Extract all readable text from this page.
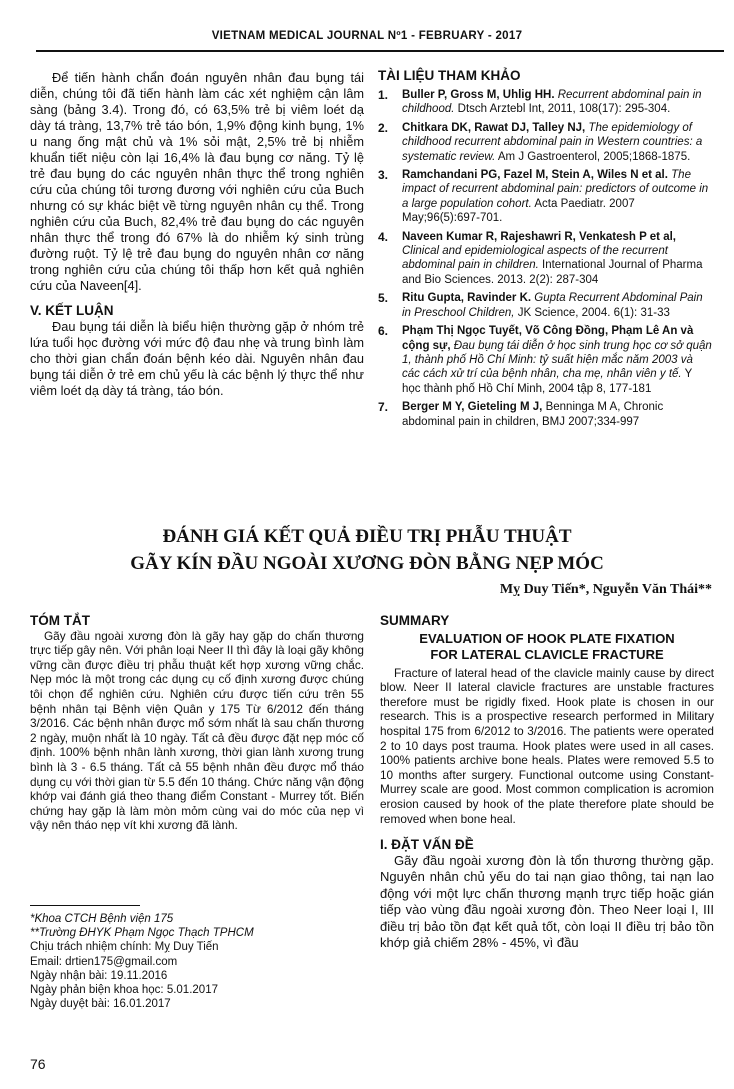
VIETNAM MEDICAL JOURNAL Nº1 - FEBRUARY - 2017

Để tiến hành chẩn đoán nguyên nhân đau bụng tái diễn, chúng tôi đã tiến hành làm các xét nghiệm cận lâm sàng (bảng 3.4). Trong đó, có 63,5% trẻ bị viêm loét dạ dày tá tràng, 13,7% trẻ táo bón, 1,9% động kinh bụng, 1% u nang ống mật chủ và 1% sỏi mật, 2,5% trẻ bị nhiễm khuẩn tiết niệu còn lại 16,4% là đau bụng cơ năng. Tỷ lệ trẻ đau bụng do các nguyên nhân thực thể trong nghiên cứu của chúng tôi tương đương với nghiên cứu của Buch nhưng có sự khác biệt về từng nguyên nhân cụ thể. Trong nghiên cứu của Buch, 82,4% trẻ đau bụng do các nguyên nhân thực thể trong đó 67% là do nhiễm ký sinh trùng đường ruột. Tỷ lệ trẻ đau bụng do nguyên nhân cơ năng trong nghiên cứu của chúng tôi thấp hơn kết quả nghiên cứu của Naveen[4].

V. KẾT LUẬN

Đau bụng tái diễn là biểu hiện thường gặp ở nhóm trẻ lứa tuổi học đường với mức độ đau nhẹ và trung bình làm cho thời gian chẩn đoán bệnh kéo dài. Nguyên nhân đau bụng tái diễn ở trẻ em chủ yếu là các bệnh lý thực thể như viêm loét dạ dày tá tràng, táo bón.

TÀI LIỆU THAM KHẢO
1.	Buller P, Gross M, Uhlig HH. Recurrent abdominal pain in childhood. Dtsch Arztebl Int, 2011, 108(17): 295-304.
2.	Chitkara DK, Rawat DJ, Talley NJ, The epidemiology of childhood recurrent abdominal pain in Western countries: a systematic review. Am J Gastroenterol, 2005;1868-1875.
3.	Ramchandani PG, Fazel M, Stein A, Wiles N et al. The impact of recurrent abdominal pain: predictors of outcome in a large population cohort. Acta Paediatr. 2007 May;96(5):697-701.
4.	Naveen Kumar R, Rajeshawri R, Venkatesh P et al, Clinical and epidemiological aspects of the recurrent abdominal pain in children. International Journal of Pharma and Bio Sciences. 2013. 2(2): 287-304
5.	Ritu Gupta, Ravinder K. Gupta Recurrent Abdominal Pain in Preschool Children, JK Science, 2004. 6(1): 31-33
6.	Phạm Thị Ngọc Tuyết, Võ Công Đồng, Phạm Lê An và cộng sự, Đau bụng tái diễn ở học sinh trung học cơ sở quận 1, thành phố Hồ Chí Minh: tỷ suất hiện mắc năm 2003 và các cách xử trí của bệnh nhân, cha mẹ, nhân viên y tế. Y học thành phố Hồ Chí Minh, 2004 tập 8, 177-181
7.	Berger M Y, Gieteling M J, Benninga M A, Chronic abdominal pain in children, BMJ 2007;334-997
ĐÁNH GIÁ KẾT QUẢ ĐIỀU TRỊ PHẪU THUẬT
GÃY KÍN ĐẦU NGOÀI XƯƠNG ĐÒN BẰNG NẸP MÓC
Mỵ Duy Tiến*, Nguyễn Văn Thái**
TÓM TẮT

Gãy đầu ngoài xương đòn là gãy hay gặp do chấn thương trực tiếp gây nên. Với phân loại Neer II thì đây là loại gãy không vững cần được điều trị phẫu thuật kết hợp xương vững chắc. Nẹp móc là một trong các dụng cụ cố định xương được chúng tôi chọn để nghiên cứu. Nghiên cứu được tiến cứu trên 55 bệnh nhân tại Bệnh viện Quân y 175 Từ 6/2012 đến tháng 3/2016. Các bệnh nhân được mổ sớm nhất là sau chấn thương 2 ngày, muộn nhất là 10 ngày. Tất cả đều được đặt nẹp móc cố định. 100% bệnh nhân lành xương, thời gian lành xương trung bình là 3 - 6.5 tháng. Tất cả 55 bệnh nhân đều được mổ tháo dụng cụ với thời gian từ 5.5 đến 10 tháng. Chức năng vận động khớp vai đánh giá theo thang điểm Constant - Murrey tốt. Biến chứng hay gặp là làm mòn mỏm cùng vai do móc của nẹp vì vậy nên tháo nẹp vít khi xương đã lành.

SUMMARY
EVALUATION OF HOOK PLATE FIXATION
FOR LATERAL CLAVICLE FRACTURE

Fracture of lateral head of the clavicle mainly cause by direct blow. Neer II lateral clavicle fractures are unstable fractures therefore must be rigidly fixed. Hook plate is chosen in our research. This is a prospective research performed in Military hospital 175 from 6/2012 to 3/2016. The patients were operated 2 to 10 days post trauma. Hook plates were used in all cases. 100% patients archive bone heals. Plates were removed 5.5 to 10 months after surgery. Functional outcome using Constant- Murrey scale are good. Most common complication is acromion erosion caused by hook of the plate therefore plate should be removed when bone heal.

I. ĐẶT VẤN ĐỀ

Gãy đầu ngoài xương đòn là tổn thương thường gặp. Nguyên nhân chủ yếu do tai nạn giao thông, tai nạn lao động với một lực chấn thương mạnh trực tiếp hoặc gián tiếp vào vùng đầu ngoài xương đòn. Theo Neer loại I, III điều trị bảo tồn đạt kết quả tốt, còn loại II điều trị bảo tồn khớp giả chiếm 28% - 45%, vì đầu

*Khoa CTCH Bệnh viện 175
**Trường ĐHYK Phạm Ngọc Thạch TPHCM
Chịu trách nhiệm chính: Mỵ Duy Tiến
Email: drtien175@gmail.com
Ngày nhận bài: 19.11.2016
Ngày phản biện khoa học: 5.01.2017
Ngày duyệt bài: 16.01.2017
76
